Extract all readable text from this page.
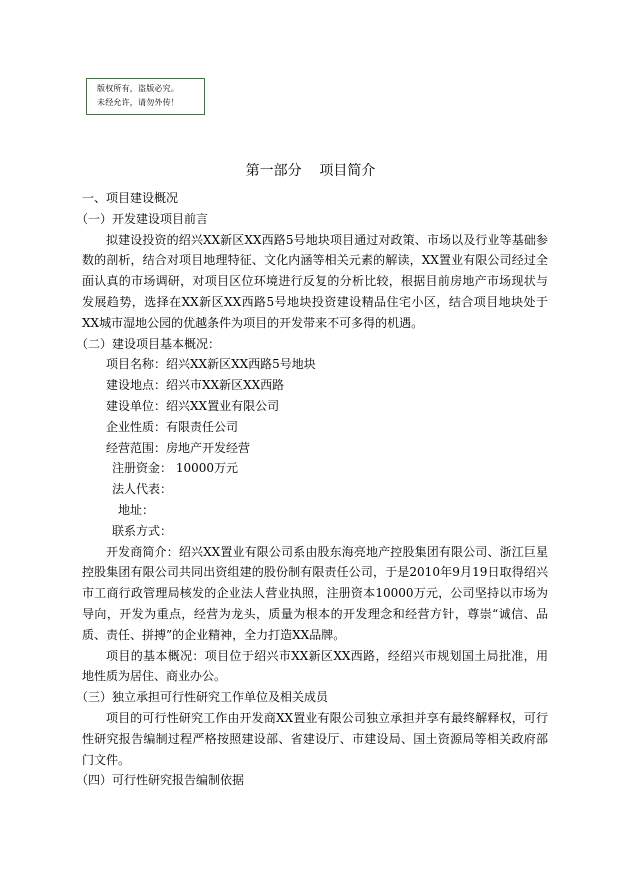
版权所有，盗版必究。
未经允许，请勿外传！
第一部分    项目简介

一、项目建设概况

（一）开发建设项目前言

拟建设投资的绍兴XX新区XX西路5号地块项目通过对政策、市场以及行业等基础参数的剖析，结合对项目地理特征、文化内涵等相关元素的解读，XX置业有限公司经过全面认真的市场调研，对项目区位环境进行反复的分析比较，根据目前房地产市场现状与发展趋势，选择在XX新区XX西路5号地块投资建设精品住宅小区，结合项目地块处于XX城市湿地公园的优越条件为项目的开发带来不可多得的机遇。

（二）建设项目基本概况：

项目名称：绍兴XX新区XX西路5号地块

建设地点：绍兴市XX新区XX西路

建设单位：绍兴XX置业有限公司

企业性质：有限责任公司

经营范围：房地产开发经营

注册资金： 10000万元

法人代表：

地址：

联系方式：

开发商简介：绍兴XX置业有限公司系由股东海亮地产控股集团有限公司、浙江巨星控股集团有限公司共同出资组建的股份制有限责任公司，于是2010年9月19日取得绍兴市工商行政管理局核发的企业法人营业执照，注册资本10000万元，公司坚持以市场为导向，开发为重点，经营为龙头，质量为根本的开发理念和经营方针，尊崇“诚信、品质、责任、拼搏”的企业精神，全力打造XX品牌。

项目的基本概况：项目位于绍兴市XX新区XX西路，经绍兴市规划国土局批准，用地性质为居住、商业办公。

（三）独立承担可行性研究工作单位及相关成员

项目的可行性研究工作由开发商XX置业有限公司独立承担并享有最终解释权，可行性研究报告编制过程严格按照建设部、省建设厅、市建设局、国土资源局等相关政府部门文件。

（四）可行性研究报告编制依据
